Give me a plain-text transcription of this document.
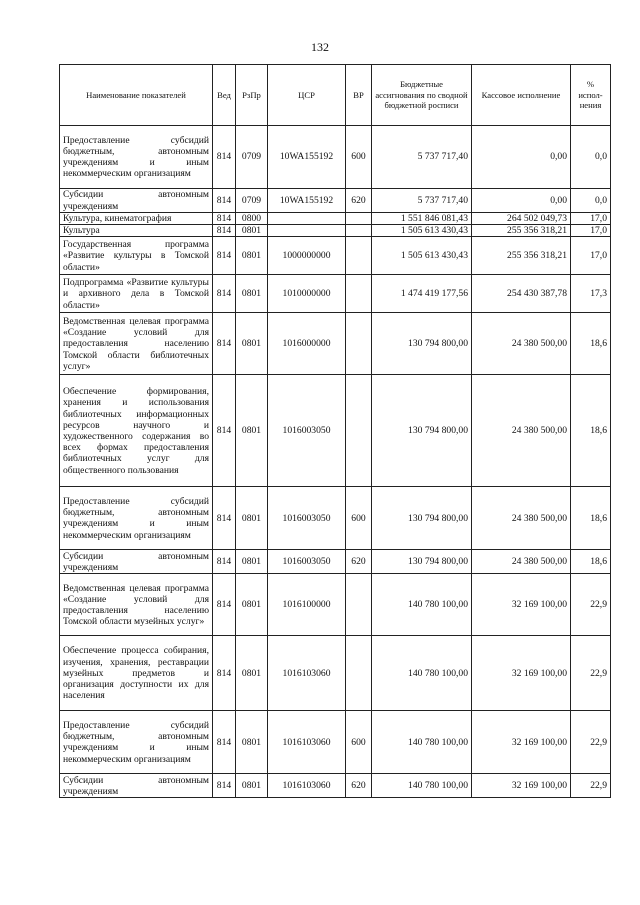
132
Наименование показателей	Вед	РзПр	ЦСР	ВР	Бюджетные ассигнования по сводной бюджетной росписи	Кассовое исполнение	% испол-нения
Предоставление субсидий бюджетным, автономным учреждениям и иным некоммерческим организациям	814	0709	10WA155192	600	5 737 717,40	0,00	0,0
Субсидии автономным учреждениям	814	0709	10WA155192	620	5 737 717,40	0,00	0,0
Культура, кинематография	814	0800			1 551 846 081,43	264 502 049,73	17,0
Культура	814	0801			1 505 613 430,43	255 356 318,21	17,0
Государственная программа «Развитие культуры в Томской области»	814	0801	1000000000		1 505 613 430,43	255 356 318,21	17,0
Подпрограмма «Развитие культуры и архивного дела в Томской области»	814	0801	1010000000		1 474 419 177,56	254 430 387,78	17,3
Ведомственная целевая программа «Создание условий для предоставления населению Томской области библиотечных услуг»	814	0801	1016000000		130 794 800,00	24 380 500,00	18,6
Обеспечение формирования, хранения и использования библиотечных информационных ресурсов научного и художественного содержания во всех формах предоставления библиотечных услуг для общественного пользования	814	0801	1016003050		130 794 800,00	24 380 500,00	18,6
Предоставление субсидий бюджетным, автономным учреждениям и иным некоммерческим организациям	814	0801	1016003050	600	130 794 800,00	24 380 500,00	18,6
Субсидии автономным учреждениям	814	0801	1016003050	620	130 794 800,00	24 380 500,00	18,6
Ведомственная целевая программа «Создание условий для предоставления населению Томской области музейных услуг»	814	0801	1016100000		140 780 100,00	32 169 100,00	22,9
Обеспечение процесса собирания, изучения, хранения, реставрации музейных предметов и организация доступности их для населения	814	0801	1016103060		140 780 100,00	32 169 100,00	22,9
Предоставление субсидий бюджетным, автономным учреждениям и иным некоммерческим организациям	814	0801	1016103060	600	140 780 100,00	32 169 100,00	22,9
Субсидии автономным учреждениям	814	0801	1016103060	620	140 780 100,00	32 169 100,00	22,9
